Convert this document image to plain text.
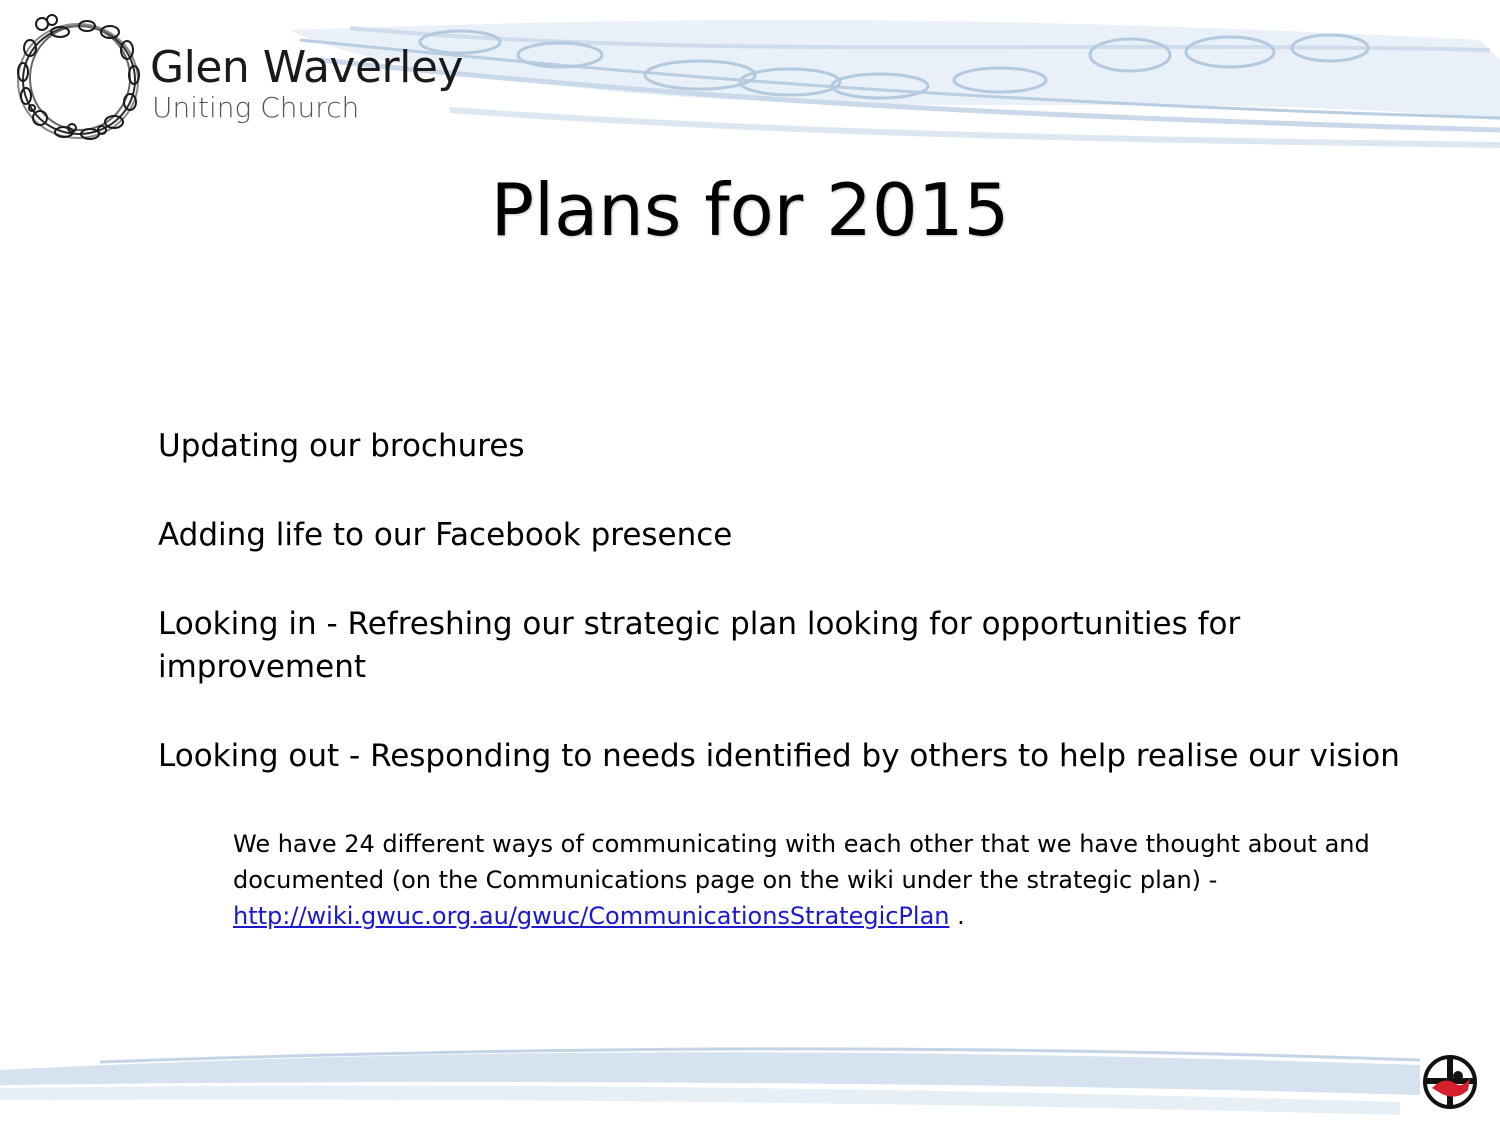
Glen Waverley
Uniting Church
Plans for 2015

Updating our brochures

Adding life to our Facebook presence

Looking in - Refreshing our strategic plan looking for opportunities for improvement

Looking out - Responding to needs identified by others to help realise our vision

We have 24 different ways of communicating with each other that we have thought about and documented (on the Communications page on the wiki under the strategic plan) - http://wiki.gwuc.org.au/gwuc/CommunicationsStrategicPlan .
